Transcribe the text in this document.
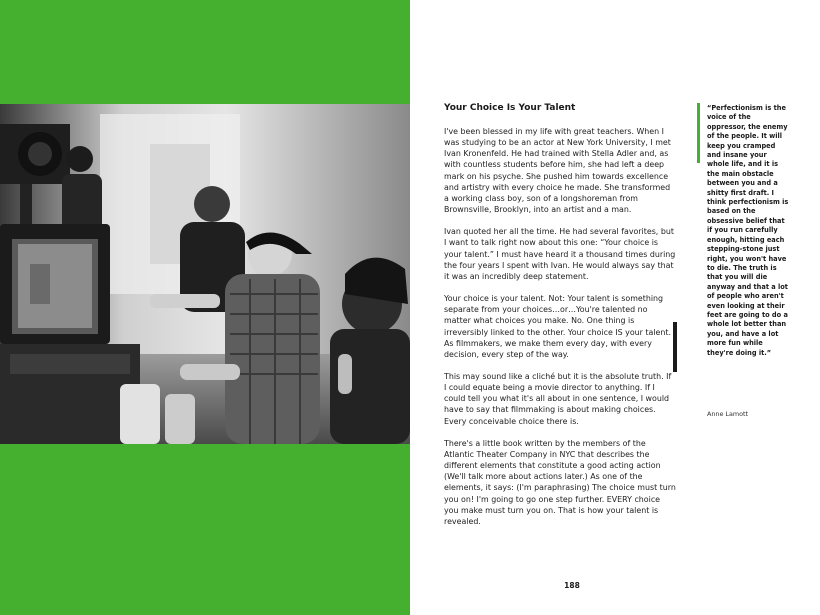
Your Choice Is Your Talent

I've been blessed in my life with great teachers. When I was studying to be an actor at New York University, I met Ivan Kronenfeld. He had trained with Stella Adler and, as with countless students before him, she had left a deep mark on his psyche. She pushed him towards excellence and artistry with every choice he made. She transformed a working class boy, son of a longshoreman from Brownsville, Brooklyn, into an artist and a man.

Ivan quoted her all the time. He had several favorites, but I want to talk right now about this one: “Your choice is your talent.” I must have heard it a thousand times during the four years I spent with Ivan. He would always say that it was an incredibly deep statement.

Your choice is your talent. Not: Your talent is something separate from your choices…or…You're talented no matter what choices you make. No. One thing is irreversibly linked to the other. Your choice IS your talent. As filmmakers, we make them every day, with every decision, every step of the way.

This may sound like a cliché but it is the absolute truth. If I could equate being a movie director to anything. If I could tell you what it's all about in one sentence, I would have to say that filmmaking is about making choices. Every conceivable choice there is.

There's a little book written by the members of the Atlantic Theater Company in NYC that describes the different elements that constitute a good acting action (We'll talk more about actions later.) As one of the elements, it says: (I'm paraphrasing) The choice must turn you on! I'm going to go one step further. EVERY choice you make must turn you on. That is how your talent is revealed.

“Perfectionism is the voice of the oppressor, the enemy of the people. It will keep you cramped and insane your whole life, and it is the main obstacle between you and a shitty first draft. I think perfectionism is based on the obsessive belief that if you run carefully enough, hitting each stepping-stone just right, you won't have to die. The truth is that you will die anyway and that a lot of people who aren't even looking at their feet are going to do a whole lot better than you, and have a lot more fun while they're doing it.”
Anne Lamott
188
